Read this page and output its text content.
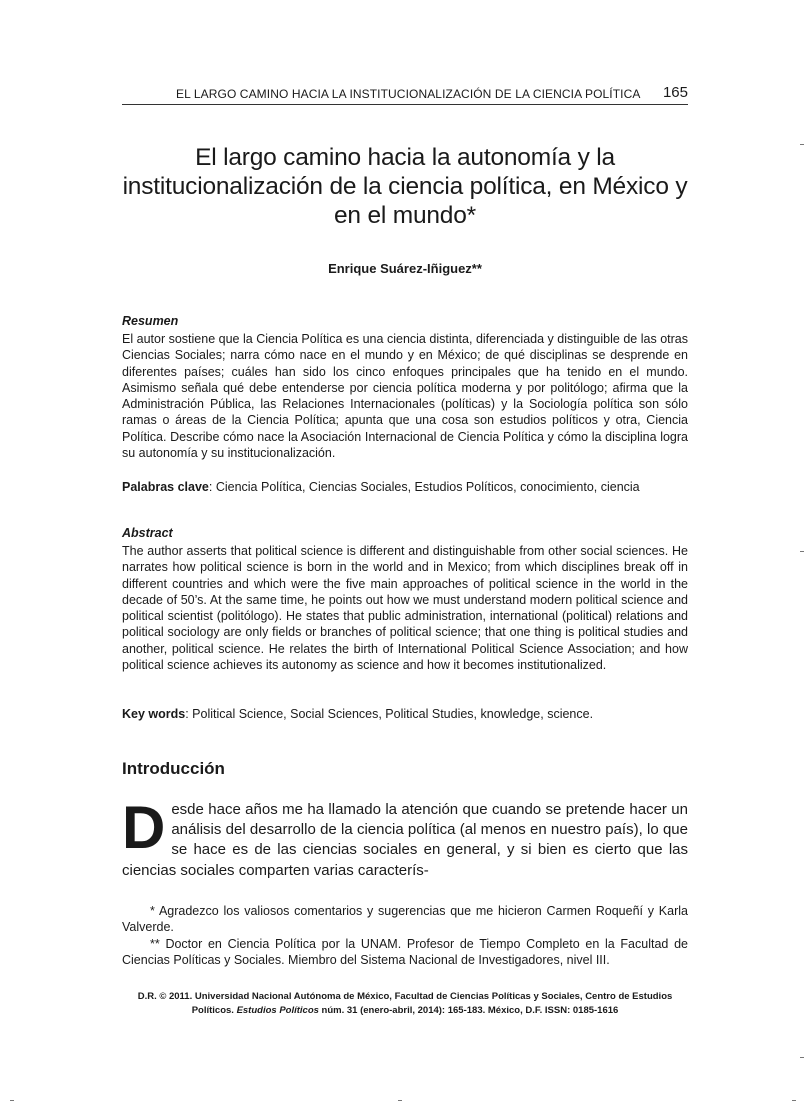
EL LARGO CAMINO HACIA LA INSTITUCIONALIZACIÓN DE LA CIENCIA POLÍTICA 165
El largo camino hacia la autonomía y la institucionalización de la ciencia política, en México y en el mundo*
Enrique Suárez-Iñiguez**
Resumen

El autor sostiene que la Ciencia Política es una ciencia distinta, diferenciada y distinguible de las otras Ciencias Sociales; narra cómo nace en el mundo y en México; de qué disciplinas se desprende en diferentes países; cuáles han sido los cinco enfoques principales que ha tenido en el mundo. Asimismo señala qué debe entenderse por ciencia política moderna y por politólogo; afirma que la Administración Pública, las Relaciones Internacionales (políticas) y la Sociología política son sólo ramas o áreas de la Ciencia Política; apunta que una cosa son estudios políticos y otra, Ciencia Política. Describe cómo nace la Asociación Internacional de Ciencia Política y cómo la disciplina logra su autonomía y su institucionalización.

Palabras clave: Ciencia Política, Ciencias Sociales, Estudios Políticos, conocimiento, ciencia

Abstract

The author asserts that political science is different and distinguishable from other social sciences. He narrates how political science is born in the world and in Mexico; from which disciplines break off in different countries and which were the five main approaches of political science in the world in the decade of 50’s. At the same time, he points out how we must understand modern political science and political scientist (politólogo). He states that public administration, international (political) relations and political sociology are only fields or branches of political science; that one thing is political studies and another, political science. He relates the birth of International Political Science Association; and how political science achieves its autonomy as science and how it becomes institutionalized.

Key words: Political Science, Social Sciences, Political Studies, knowledge, science.

Introducción

Desde hace años me ha llamado la atención que cuando se pretende hacer un análisis del desarrollo de la ciencia política (al menos en nuestro país), lo que se hace es de las ciencias sociales en general, y si bien es cierto que las ciencias sociales comparten varias caracterís-

* Agradezco los valiosos comentarios y sugerencias que me hicieron Carmen Roqueñí y Karla Valverde.

** Doctor en Ciencia Política por la UNAM. Profesor de Tiempo Completo en la Facultad de Ciencias Políticas y Sociales. Miembro del Sistema Nacional de Investigadores, nivel III.

D.R. © 2011. Universidad Nacional Autónoma de México, Facultad de Ciencias Políticas y Sociales, Centro de Estudios Políticos. Estudios Políticos núm. 31 (enero-abril, 2014): 165-183. México, D.F. ISSN: 0185-1616
